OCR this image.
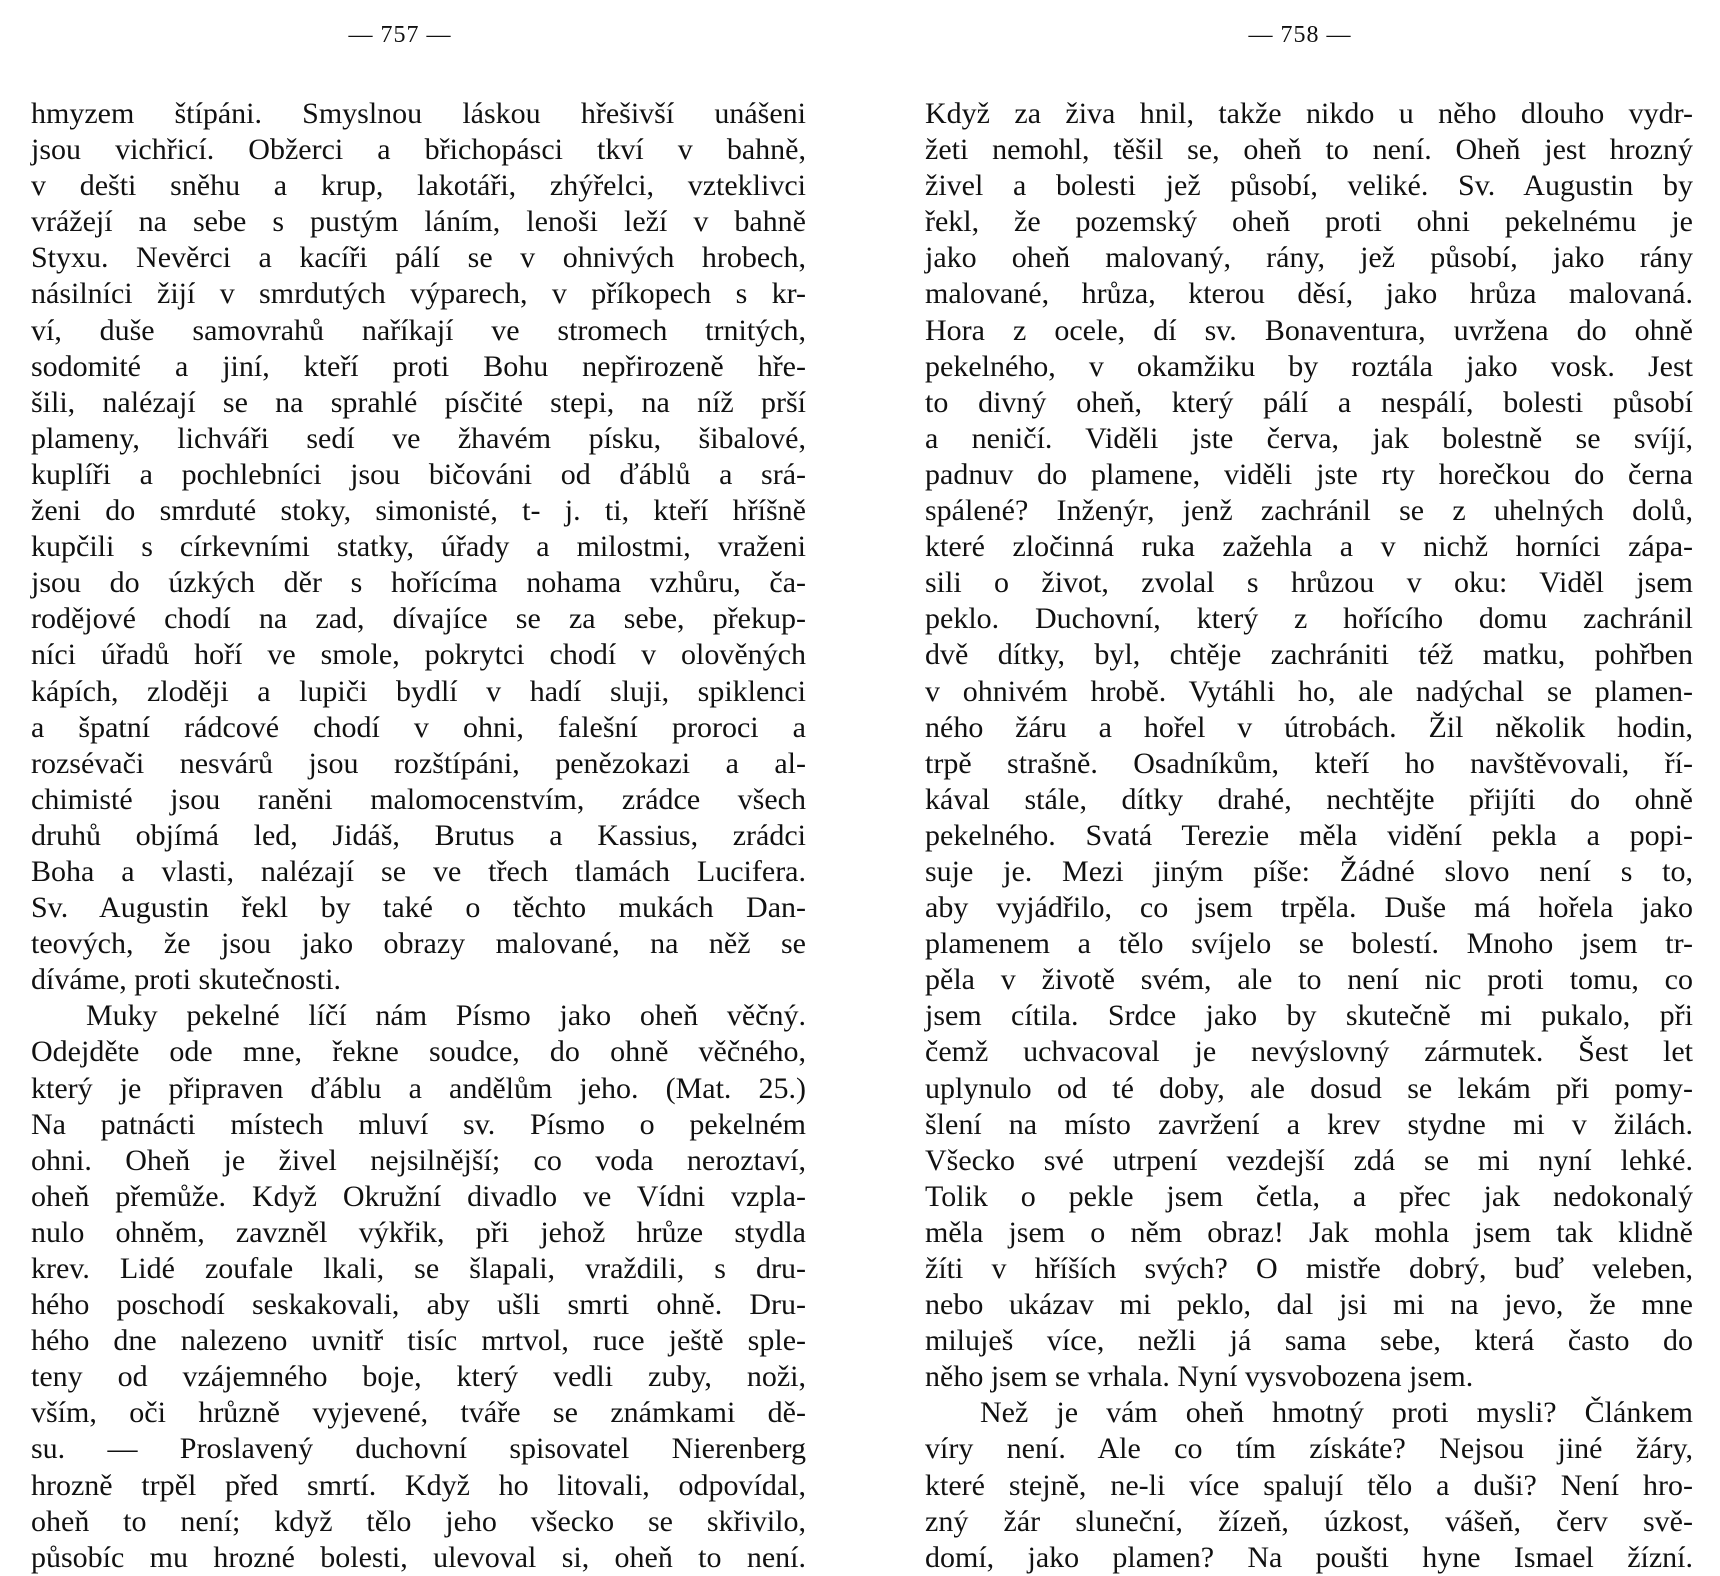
— 757 —
hmyzem štípáni. Smyslnou láskou hřešivší unášeni
jsou vichřicí. Obžerci a břichopásci tkví v bahně,
v dešti sněhu a krup, lakotáři, zhýřelci, vzteklivci
vrážejí na sebe s pustým láním, lenoši leží v bahně
Styxu. Nevěrci a kacíři pálí se v ohnivých hrobech,
násilníci žijí v smrdutých výparech, v příkopech s kr-
ví, duše samovrahů naříkají ve stromech trnitých,
sodomité a jiní, kteří proti Bohu nepřirozeně hře-
šili, nalézají se na sprahlé písčité stepi, na níž prší
plameny, lichváři sedí ve žhavém písku, šibalové,
kuplíři a pochlebníci jsou bičováni od ďáblů a srá-
ženi do smrduté stoky, simonisté, t- j. ti, kteří hříšně
kupčili s církevními statky, úřady a milostmi, vraženi
jsou do úzkých děr s hořícíma nohama vzhůru, ča-
rodějové chodí na zad, dívajíce se za sebe, překup-
níci úřadů hoří ve smole, pokrytci chodí v olověných
kápích, zloději a lupiči bydlí v hadí sluji, spiklenci
a špatní rádcové chodí v ohni, falešní proroci a
rozsévači nesvárů jsou rozštípáni, penězokazi a al-
chimisté jsou raněni malomocenstvím, zrádce všech
druhů objímá led, Jidáš, Brutus a Kassius, zrádci
Boha a vlasti, nalézají se ve třech tlamách Lucifera.
Sv. Augustin řekl by také o těchto mukách Dan-
teových, že jsou jako obrazy malované, na něž se
díváme, proti skutečnosti.
Muky pekelné líčí nám Písmo jako oheň věčný.
Odejděte ode mne, řekne soudce, do ohně věčného,
který je připraven ďáblu a andělům jeho. (Mat. 25.)
Na patnácti místech mluví sv. Písmo o pekelném
ohni. Oheň je živel nejsilnější; co voda neroztaví,
oheň přemůže. Když Okružní divadlo ve Vídni vzpla-
nulo ohněm, zavzněl výkřik, při jehož hrůze stydla
krev. Lidé zoufale lkali, se šlapali, vraždili, s dru-
hého poschodí seskakovali, aby ušli smrti ohně. Dru-
hého dne nalezeno uvnitř tisíc mrtvol, ruce ještě sple-
teny od vzájemného boje, který vedli zuby, noži,
vším, oči hrůzně vyjevené, tváře se známkami dě-
su. — Proslavený duchovní spisovatel Nierenberg
hrozně trpěl před smrtí. Když ho litovali, odpovídal,
oheň to není; když tělo jeho všecko se skřivilo,
působíc mu hrozné bolesti, ulevoval si, oheň to není.
— 758 —
Když za živa hnil, takže nikdo u něho dlouho vydr-
žeti nemohl, těšil se, oheň to není. Oheň jest hrozný
živel a bolesti jež působí, veliké. Sv. Augustin by
řekl, že pozemský oheň proti ohni pekelnému je
jako oheň malovaný, rány, jež působí, jako rány
malované, hrůza, kterou děsí, jako hrůza malovaná.
Hora z ocele, dí sv. Bonaventura, uvržena do ohně
pekelného, v okamžiku by roztála jako vosk. Jest
to divný oheň, který pálí a nespálí, bolesti působí
a neničí. Viděli jste červa, jak bolestně se svíjí,
padnuv do plamene, viděli jste rty horečkou do černa
spálené? Inženýr, jenž zachránil se z uhelných dolů,
které zločinná ruka zažehla a v nichž horníci zápa-
sili o život, zvolal s hrůzou v oku: Viděl jsem
peklo. Duchovní, který z hořícího domu zachránil
dvě dítky, byl, chtěje zachrániti též matku, pohřben
v ohnivém hrobě. Vytáhli ho, ale nadýchal se plamen-
ného žáru a hořel v útrobách. Žil několik hodin,
trpě strašně. Osadníkům, kteří ho navštěvovali, ří-
kával stále, dítky drahé, nechtějte přijíti do ohně
pekelného. Svatá Terezie měla vidění pekla a popi-
suje je. Mezi jiným píše: Žádné slovo není s to,
aby vyjádřilo, co jsem trpěla. Duše má hořela jako
plamenem a tělo svíjelo se bolestí. Mnoho jsem tr-
pěla v životě svém, ale to není nic proti tomu, co
jsem cítila. Srdce jako by skutečně mi pukalo, při
čemž uchvacoval je nevýslovný zármutek. Šest let
uplynulo od té doby, ale dosud se lekám při pomy-
šlení na místo zavržení a krev stydne mi v žilách.
Všecko své utrpení vezdejší zdá se mi nyní lehké.
Tolik o pekle jsem četla, a přec jak nedokonalý
měla jsem o něm obraz! Jak mohla jsem tak klidně
žíti v hříších svých? O mistře dobrý, buď veleben,
nebo ukázav mi peklo, dal jsi mi na jevo, že mne
miluješ více, nežli já sama sebe, která často do
něho jsem se vrhala. Nyní vysvobozena jsem.
Než je vám oheň hmotný proti mysli? Článkem
víry není. Ale co tím získáte? Nejsou jiné žáry,
které stejně, ne-li více spalují tělo a duši? Není hro-
zný žár sluneční, žízeň, úzkost, vášeň, červ svě-
domí, jako plamen? Na poušti hyne Ismael žízní.
